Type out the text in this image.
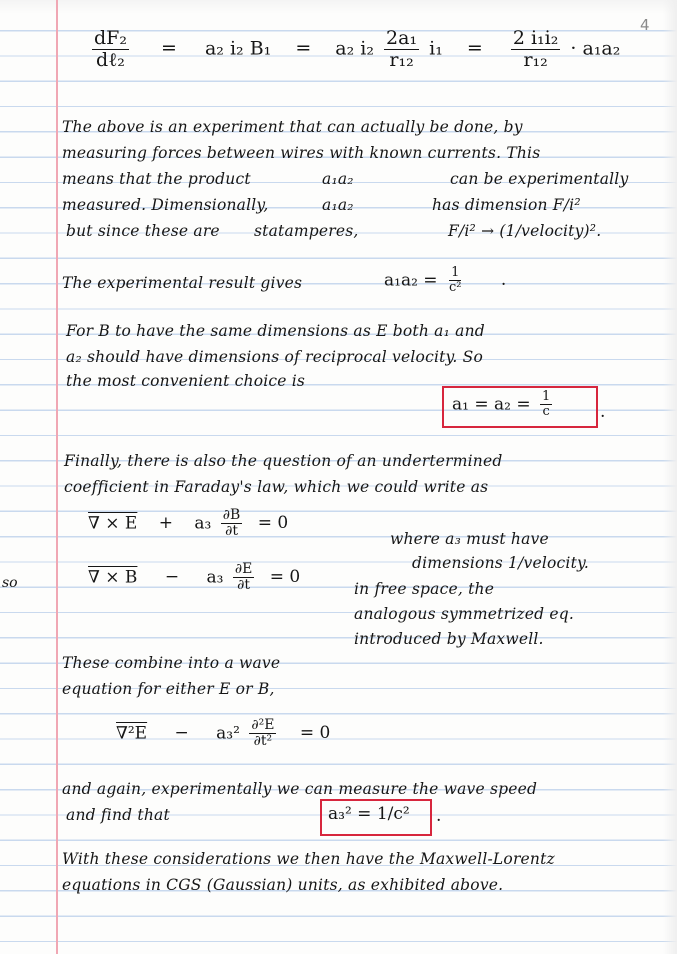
4
$\frac{\text{dF₂}}{\text{dℓ₂}} = a_2$ i₂ B₁ = a₂ $i_2 \frac{\text{2a₁}}{\text{r₁₂}} i_1 = \frac{\text{2 i₁i₂}}{\text{r₁₂}} \cdot a_1a_2$
The above is an experiment that can actually be done, by
measuring forces between wires with known currents. This
means that the product	a₁a₂	can be experimentally
measured. Dimensionally,	a₁a₂	has dimension F/i²
but since these are statamperes,	F/i² → (1/velocity)².
The experimental result gives	$a_1a_2 = \frac{1}{\text{c²}}$ .
For B to have the same dimensions as E both a₁ and
a₂ should have dimensions of reciprocal velocity. So
the most convenient choice is
$a_1 = a_2 = \frac{1}{c}$	.
Finally, there is also the question of an undertermined
coefficient in Faraday's law, which we could write as
∇ × $E + a_3 \frac{\partial B}{\partial t} = 0$
where a₃ must have
dimensions 1/velocity.
so	∇ × $B - a_3 \frac{\partial E}{\partial t} = 0$
in free space, the
analogous symmetrized eq.
introduced by Maxwell.
These combine into a wave
equation for either E or B,
$\nabla^2E - a_3^2 \frac{\text{∂²E}}{\text{∂t²}} = 0$
and again, experimentally we can measure the wave speed
and find that	a₃² = 1/c² .
With these considerations we then have the Maxwell-Lorentz
equations in CGS (Gaussian) units, as exhibited above.
